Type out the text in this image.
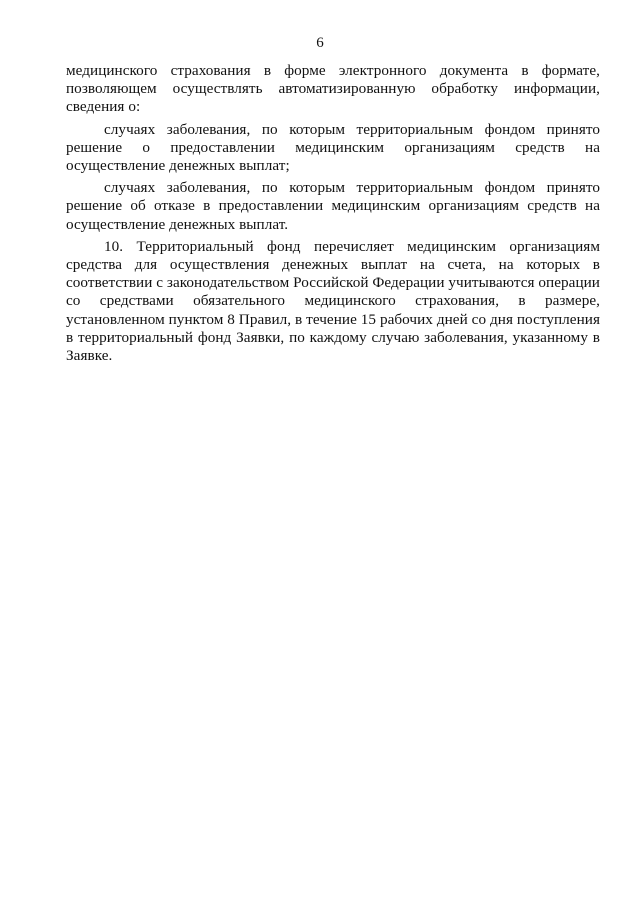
6

медицинского страхования в форме электронного документа в формате, позволяющем осуществлять автоматизированную обработку информации, сведения о:

случаях заболевания, по которым территориальным фондом принято решение о предоставлении медицинским организациям средств на осуществление денежных выплат;

случаях заболевания, по которым территориальным фондом принято решение об отказе в предоставлении медицинским организациям средств на осуществление денежных выплат.

10. Территориальный фонд перечисляет медицинским организациям средства для осуществления денежных выплат на счета, на которых в соответствии с законодательством Российской Федерации учитываются операции со средствами обязательного медицинского страхования, в размере, установленном пунктом 8 Правил, в течение 15 рабочих дней со дня поступления в территориальный фонд Заявки, по каждому случаю заболевания, указанному в Заявке.
